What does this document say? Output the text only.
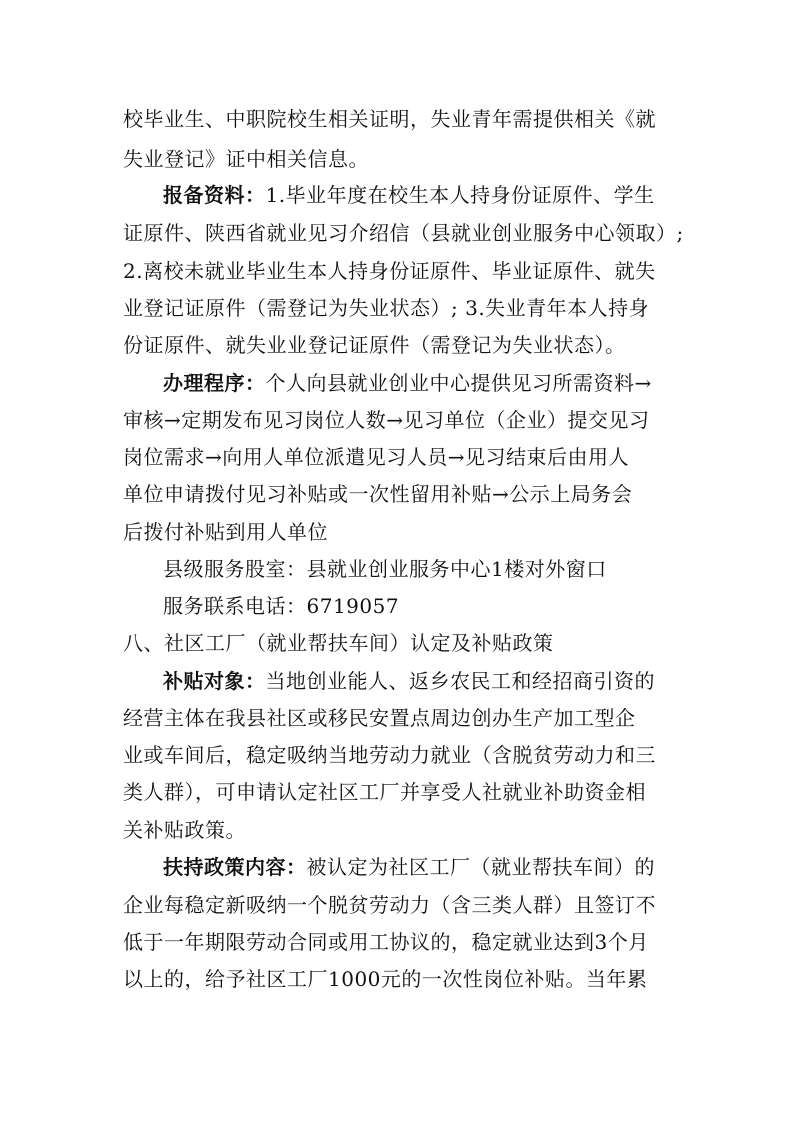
校毕业生、中职院校生相关证明，失业青年需提供相关《就
失业登记》证中相关信息。
报备资料：1.毕业年度在校生本人持身份证原件、学生
证原件、陕西省就业见习介绍信（县就业创业服务中心领取）;
2.离校未就业毕业生本人持身份证原件、毕业证原件、就失
业登记证原件（需登记为失业状态）; 3.失业青年本人持身
份证原件、就失业业登记证原件（需登记为失业状态）。
办理程序：个人向县就业创业中心提供见习所需资料→
审核→定期发布见习岗位人数→见习单位（企业）提交见习
岗位需求→向用人单位派遣见习人员→见习结束后由用人
单位申请拨付见习补贴或一次性留用补贴→公示上局务会
后拨付补贴到用人单位
县级服务股室：县就业创业服务中心1楼对外窗口
服务联系电话：6719057
八、社区工厂（就业帮扶车间）认定及补贴政策
补贴对象：当地创业能人、返乡农民工和经招商引资的
经营主体在我县社区或移民安置点周边创办生产加工型企
业或车间后，稳定吸纳当地劳动力就业（含脱贫劳动力和三
类人群），可申请认定社区工厂并享受人社就业补助资金相
关补贴政策。
扶持政策内容：被认定为社区工厂（就业帮扶车间）的
企业每稳定新吸纳一个脱贫劳动力（含三类人群）且签订不
低于一年期限劳动合同或用工协议的，稳定就业达到3个月
以上的，给予社区工厂1000元的一次性岗位补贴。当年累
